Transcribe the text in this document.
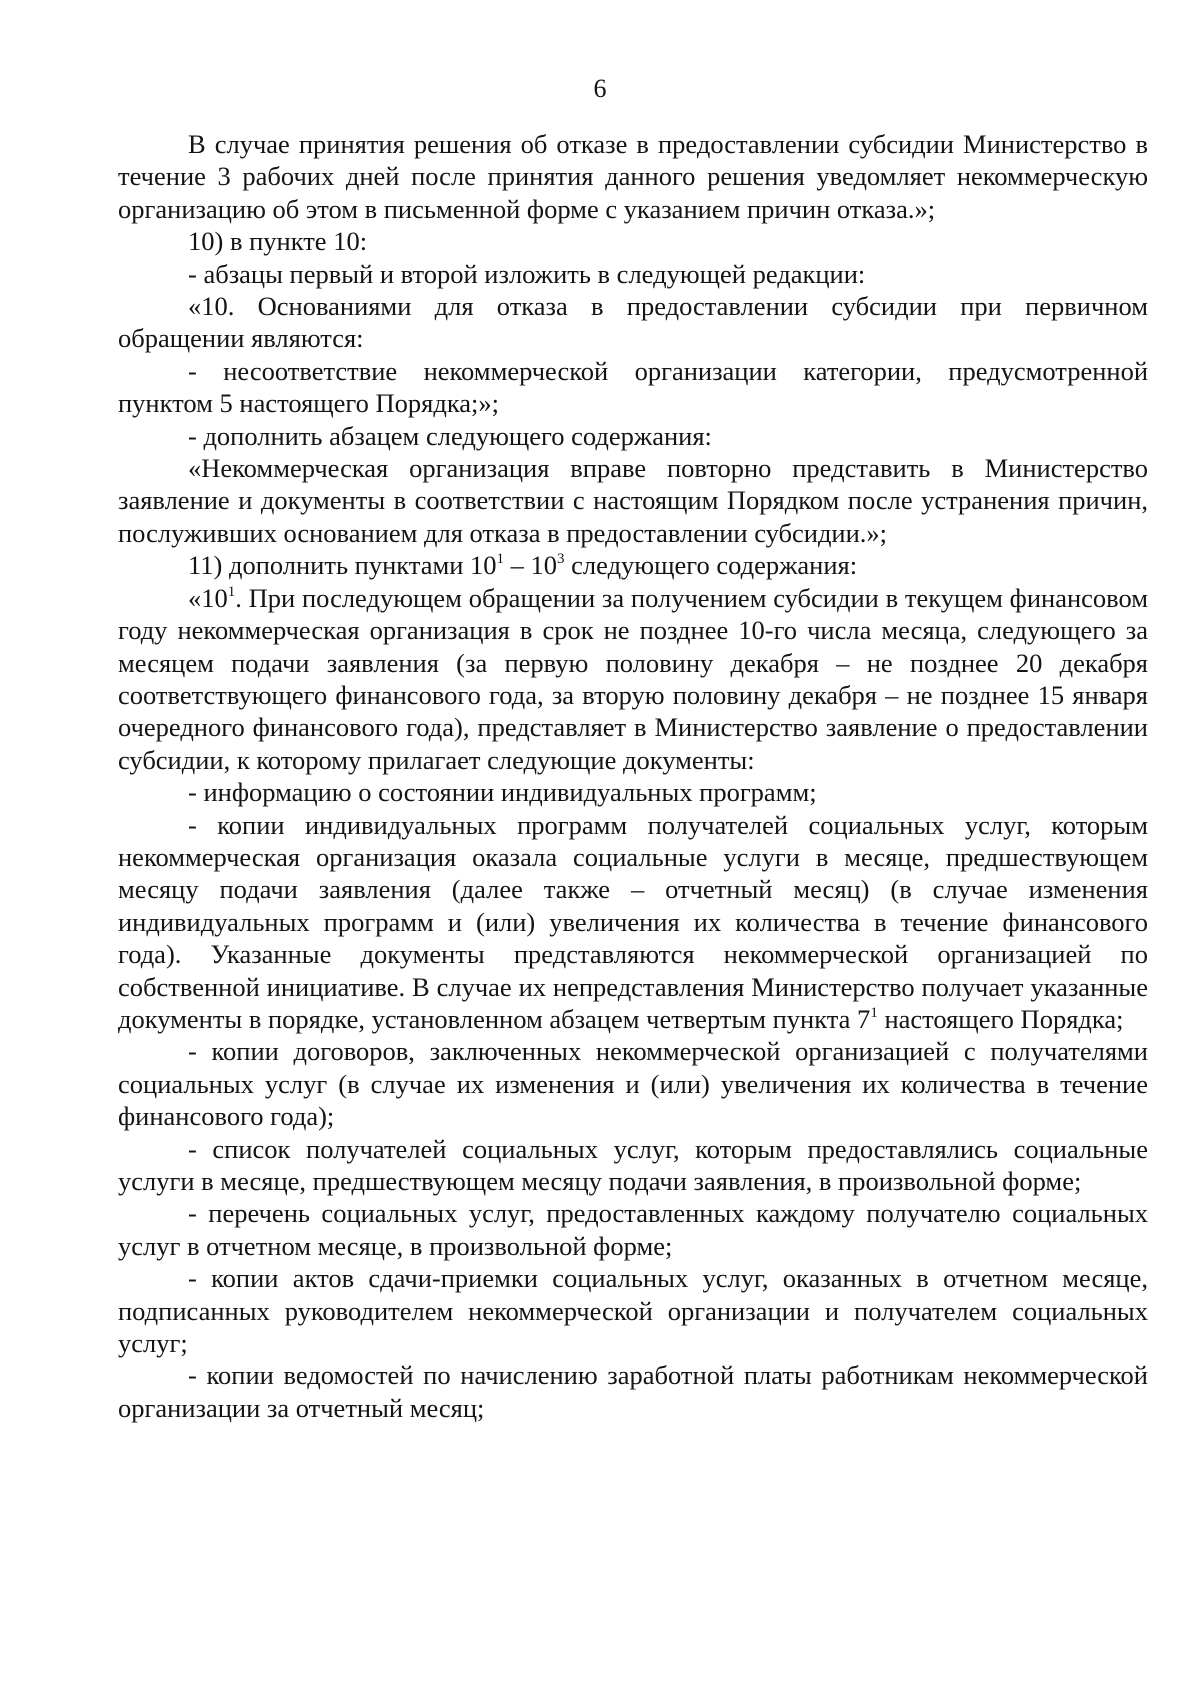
6

В случае принятия решения об отказе в предоставлении субсидии Министерство в течение 3 рабочих дней после принятия данного решения уведомляет некоммерческую организацию об этом в письменной форме с указанием причин отказа.»;

10) в пункте 10:

- абзацы первый и второй изложить в следующей редакции:

«10. Основаниями для отказа в предоставлении субсидии при первичном обращении являются:

- несоответствие некоммерческой организации категории, предусмотренной пунктом 5 настоящего Порядка;»;

- дополнить абзацем следующего содержания:

«Некоммерческая организация вправе повторно представить в Министерство заявление и документы в соответствии с настоящим Порядком после устранения причин, послуживших основанием для отказа в предоставлении субсидии.»;

11) дополнить пунктами $10^1 - 10^3$ следующего содержания:

«$10^1$. При последующем обращении за получением субсидии в текущем финансовом году некоммерческая организация в срок не позднее 10-го числа месяца, следующего за месяцем подачи заявления (за первую половину декабря – не позднее 20 декабря соответствующего финансового года, за вторую половину декабря – не позднее 15 января очередного финансового года), представляет в Министерство заявление о предоставлении субсидии, к которому прилагает следующие документы:

- информацию о состоянии индивидуальных программ;

- копии индивидуальных программ получателей социальных услуг, которым некоммерческая организация оказала социальные услуги в месяце, предшествующем месяцу подачи заявления (далее также – отчетный месяц) (в случае изменения индивидуальных программ и (или) увеличения их количества в течение финансового года). Указанные документы представляются некоммерческой организацией по собственной инициативе. В случае их непредставления Министерство получает указанные документы в порядке, установленном абзацем четвертым пункта $7^1$ настоящего Порядка;

- копии договоров, заключенных некоммерческой организацией с получателями социальных услуг (в случае их изменения и (или) увеличения их количества в течение финансового года);

- список получателей социальных услуг, которым предоставлялись социальные услуги в месяце, предшествующем месяцу подачи заявления, в произвольной форме;

- перечень социальных услуг, предоставленных каждому получателю социальных услуг в отчетном месяце, в произвольной форме;

- копии актов сдачи-приемки социальных услуг, оказанных в отчетном месяце, подписанных руководителем некоммерческой организации и получателем социальных услуг;

- копии ведомостей по начислению заработной платы работникам некоммерческой организации за отчетный месяц;
